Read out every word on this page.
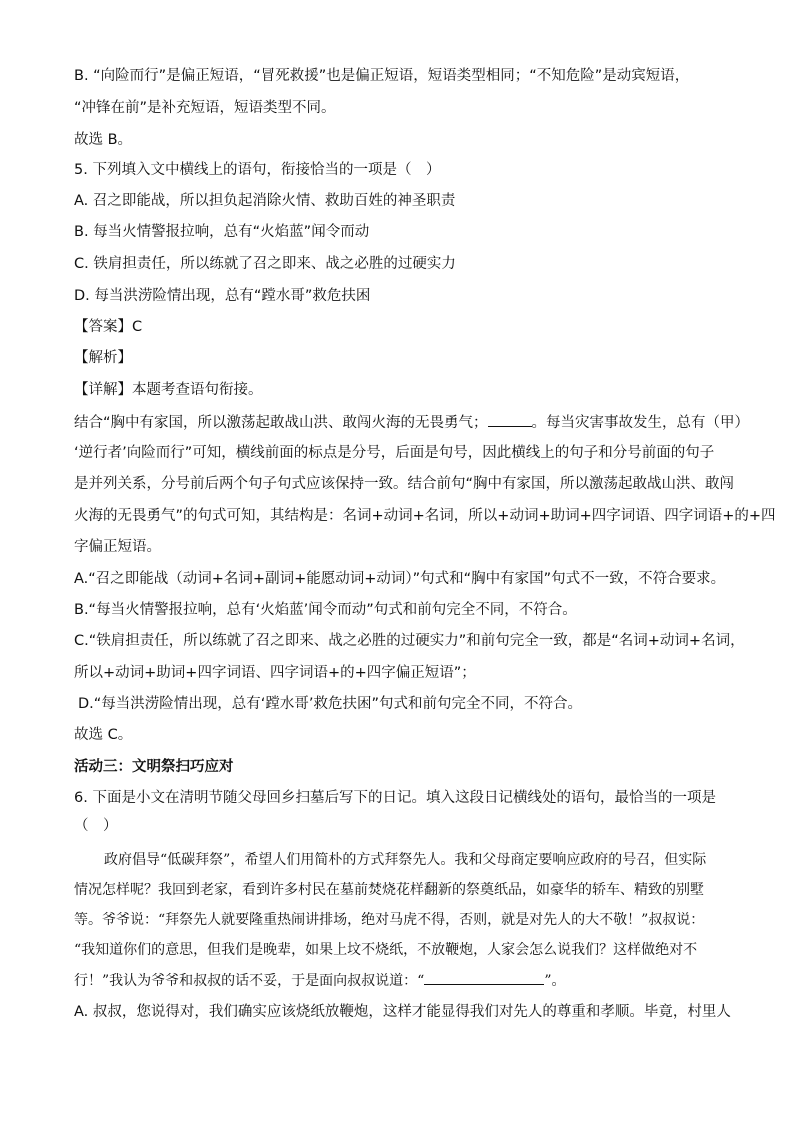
B. “向险而行”是偏正短语，“冒死救援”也是偏正短语，短语类型相同；“不知危险”是动宾短语，
“冲锋在前”是补充短语，短语类型不同。
故选 B。
5. 下列填入文中横线上的语句，衔接恰当的一项是（　）
A. 召之即能战，所以担负起消除火情、救助百姓的神圣职责
B. 每当火情警报拉响，总有“火焰蓝”闻令而动
C. 铁肩担责任，所以练就了召之即来、战之必胜的过硬实力
D. 每当洪涝险情出现，总有“蹚水哥”救危扶困
【答案】C
【解析】
【详解】本题考查语句衔接。
结合“胸中有家国，所以激荡起敢战山洪、敢闯火海的无畏勇气；	。每当灾害事故发生，总有（甲）
‘逆行者’向险而行”可知，横线前面的标点是分号，后面是句号，因此横线上的句子和分号前面的句子
是并列关系，分号前后两个句子句式应该保持一致。结合前句“胸中有家国，所以激荡起敢战山洪、敢闯
火海的无畏勇气”的句式可知，其结构是：名词+动词+名词，所以+动词+助词+四字词语、四字词语+的+四
字偏正短语。
A.“召之即能战（动词+名词+副词+能愿动词+动词）”句式和“胸中有家国”句式不一致，不符合要求。
B.“每当火情警报拉响，总有‘火焰蓝’闻令而动”句式和前句完全不同，不符合。
C.“铁肩担责任，所以练就了召之即来、战之必胜的过硬实力”和前句完全一致，都是“名词+动词+名词，
所以+动词+助词+四字词语、四字词语+的+四字偏正短语”；
D.“每当洪涝险情出现，总有‘蹚水哥’救危扶困”句式和前句完全不同，不符合。
故选 C。
活动三：文明祭扫巧应对
6. 下面是小文在清明节随父母回乡扫墓后写下的日记。填入这段日记横线处的语句，最恰当的一项是
（　）
政府倡导“低碳拜祭”，希望人们用简朴的方式拜祭先人。我和父母商定要响应政府的号召，但实际
情况怎样呢？我回到老家，看到许多村民在墓前焚烧花样翻新的祭奠纸品，如豪华的轿车、精致的别墅
等。爷爷说：“拜祭先人就要隆重热闹讲排场，绝对马虎不得，否则，就是对先人的大不敬！”叔叔说：
“我知道你们的意思，但我们是晚辈，如果上坟不烧纸，不放鞭炮，人家会怎么说我们？这样做绝对不
行！”我认为爷爷和叔叔的话不妥，于是面向叔叔说道：“	”。
A. 叔叔，您说得对，我们确实应该烧纸放鞭炮，这样才能显得我们对先人的尊重和孝顺。毕竟，村里人
